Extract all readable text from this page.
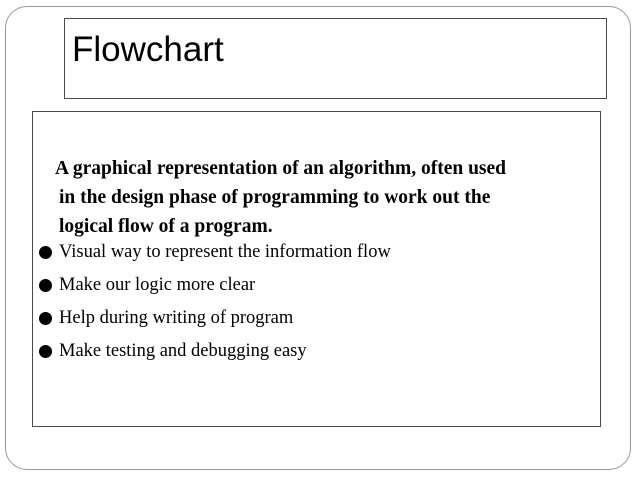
Flowchart
A graphical representation of an algorithm, often used
in the design phase of programming to work out the
logical flow of a program.
Visual way to represent the information flow
Make our logic more clear
Help during writing of program
Make testing and debugging easy
